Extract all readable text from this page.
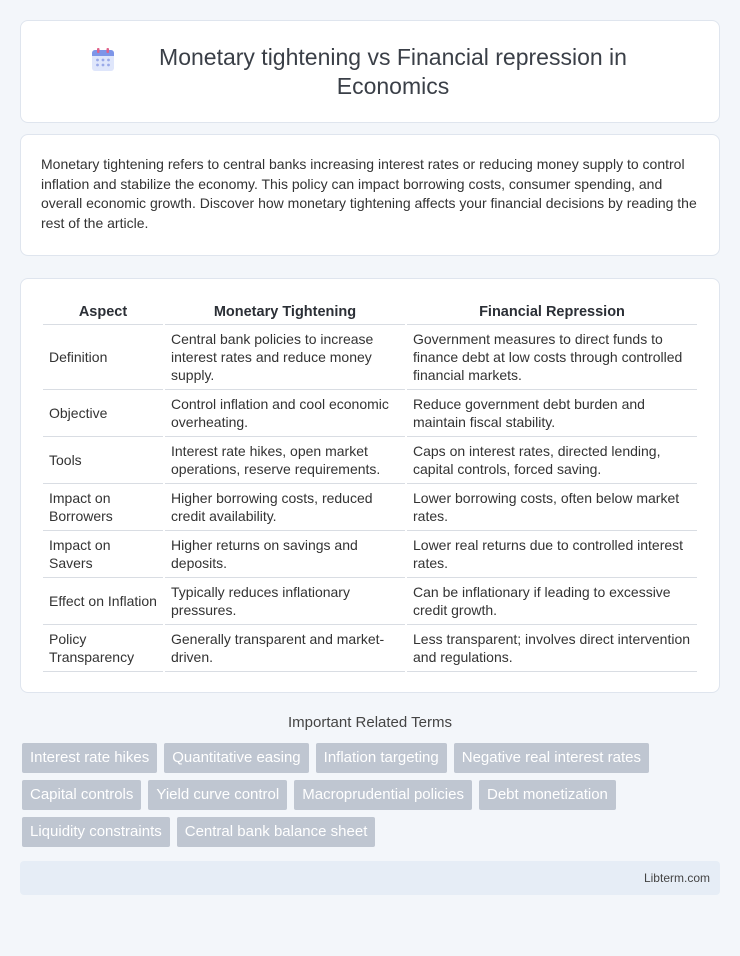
Monetary tightening vs Financial repression in Economics

Monetary tightening refers to central banks increasing interest rates or reducing money supply to control inflation and stabilize the economy. This policy can impact borrowing costs, consumer spending, and overall economic growth. Discover how monetary tightening affects your financial decisions by reading the rest of the article.

Aspect	Monetary Tightening	Financial Repression
Definition	Central bank policies to increase interest rates and reduce money supply.	Government measures to direct funds to finance debt at low costs through controlled financial markets.
Objective	Control inflation and cool economic overheating.	Reduce government debt burden and maintain fiscal stability.
Tools	Interest rate hikes, open market operations, reserve requirements.	Caps on interest rates, directed lending, capital controls, forced saving.
Impact on Borrowers	Higher borrowing costs, reduced credit availability.	Lower borrowing costs, often below market rates.
Impact on Savers	Higher returns on savings and deposits.	Lower real returns due to controlled interest rates.
Effect on Inflation	Typically reduces inflationary pressures.	Can be inflationary if leading to excessive credit growth.
Policy Transparency	Generally transparent and market-driven.	Less transparent; involves direct intervention and regulations.
Important Related Terms
Interest rate hikes	Quantitative easing	Inflation targeting	Negative real interest rates
Capital controls	Yield curve control	Macroprudential policies	Debt monetization
Liquidity constraints	Central bank balance sheet
Libterm.com
